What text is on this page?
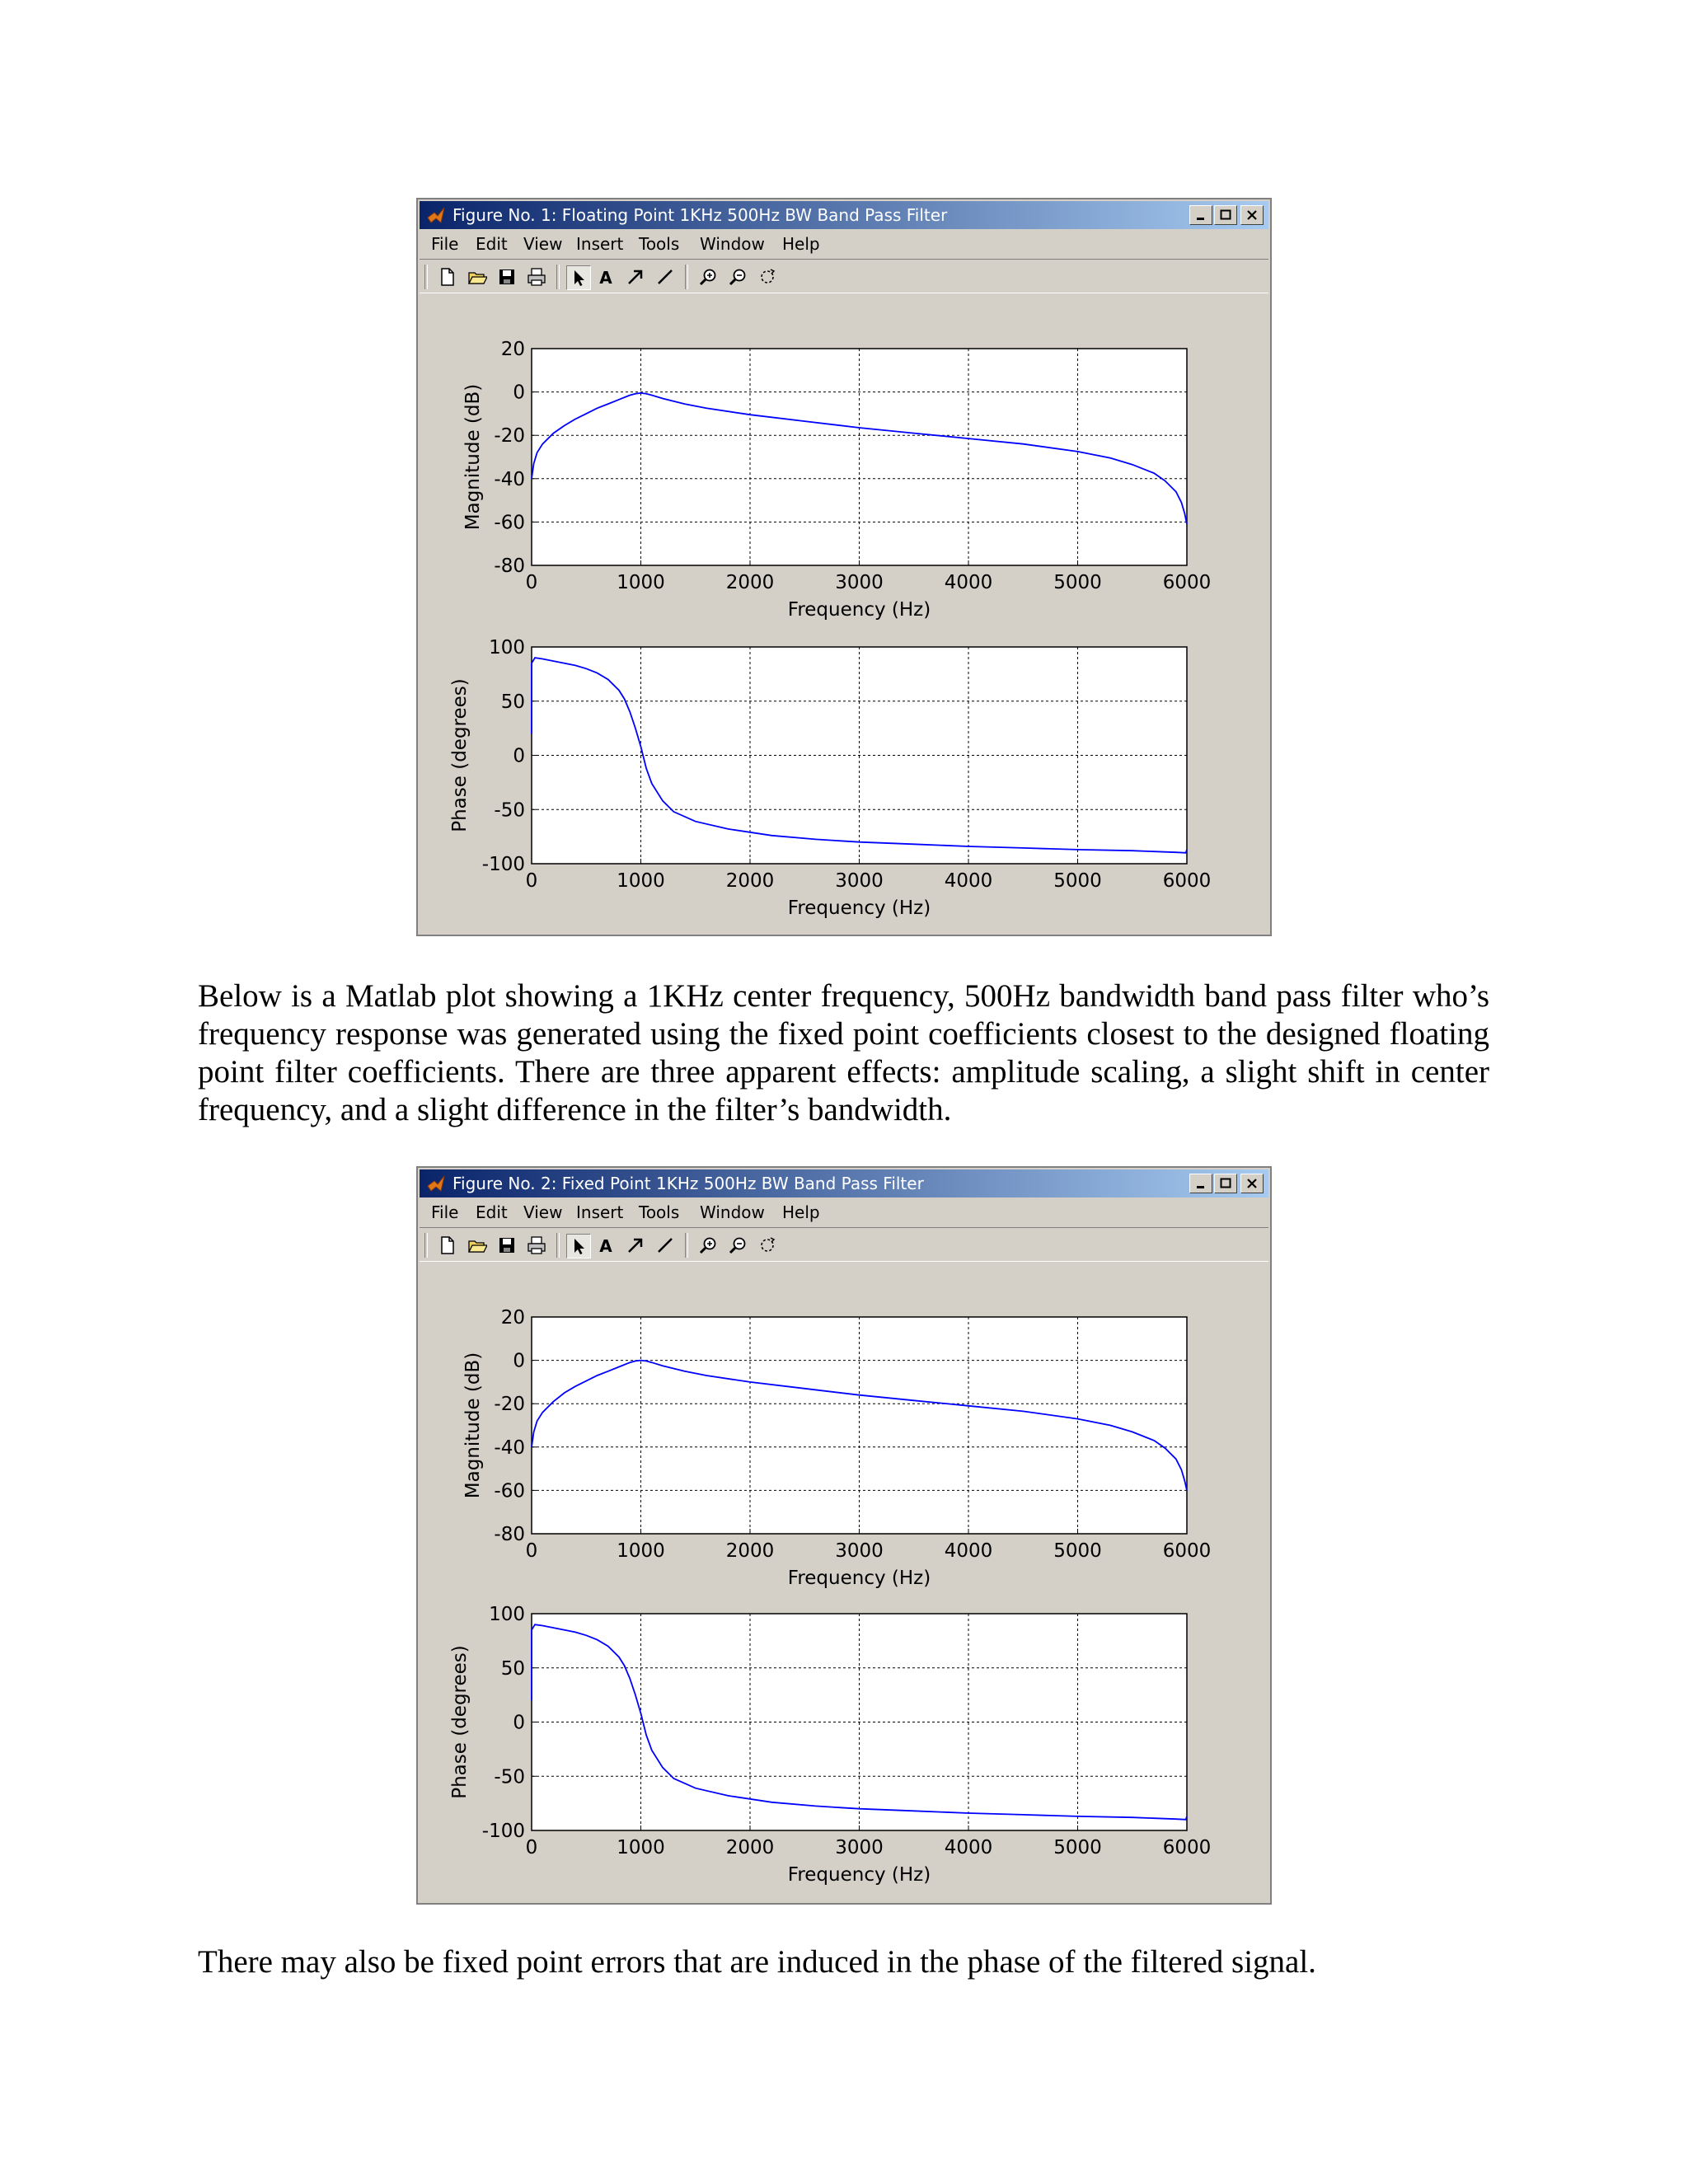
Figure No. 1: Floating Point 1KHz 500Hz BW Band Pass Filter
File Edit View Insert Tools Window Help
A
Figure No. 2: Fixed Point 1KHz 500Hz BW Band Pass Filter
File Edit View Insert Tools Window Help
A
0	1000	2000	3000	4000	5000	6000
20
0
-20
-40
-60
-80
Frequency (Hz)
Magnitude (dB)
0	1000	2000	3000	4000	5000	6000
100
50
0
-50
-100
Frequency (Hz)
Phase (degrees)
0	1000	2000	3000	4000	5000	6000
20
0
-20
-40
-60
-80
Frequency (Hz)
Magnitude (dB)
0	1000	2000	3000	4000	5000	6000
100
50
0
-50
-100
Frequency (Hz)
Phase (degrees)
Below is a Matlab plot showing a 1KHz center frequency, 500Hz bandwidth band pass filter who’s frequency response was generated using the fixed point coefficients closest to the designed floating point filter coefficients. There are three apparent effects: amplitude scaling, a slight shift in center frequency, and a slight difference in the filter’s bandwidth.
There may also be fixed point errors that are induced in the phase of the filtered signal.
